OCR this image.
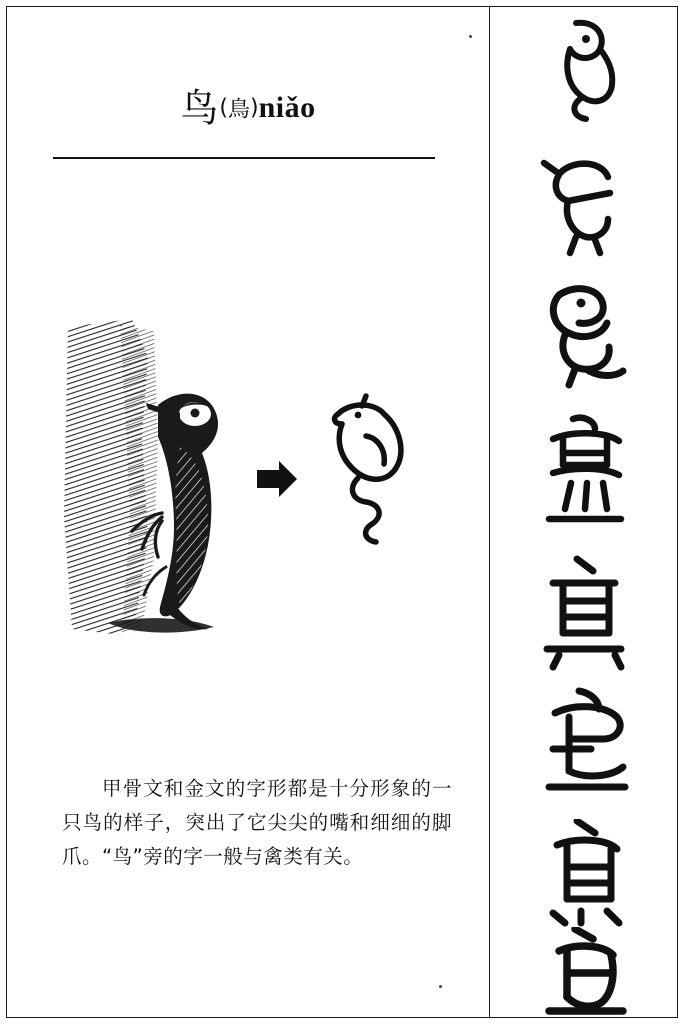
鸟(鳥)niǎo

甲骨文和金文的字形都是十分形象的一只鸟的样子，突出了它尖尖的嘴和细细的脚爪。“鸟”旁的字一般与禽类有关。
